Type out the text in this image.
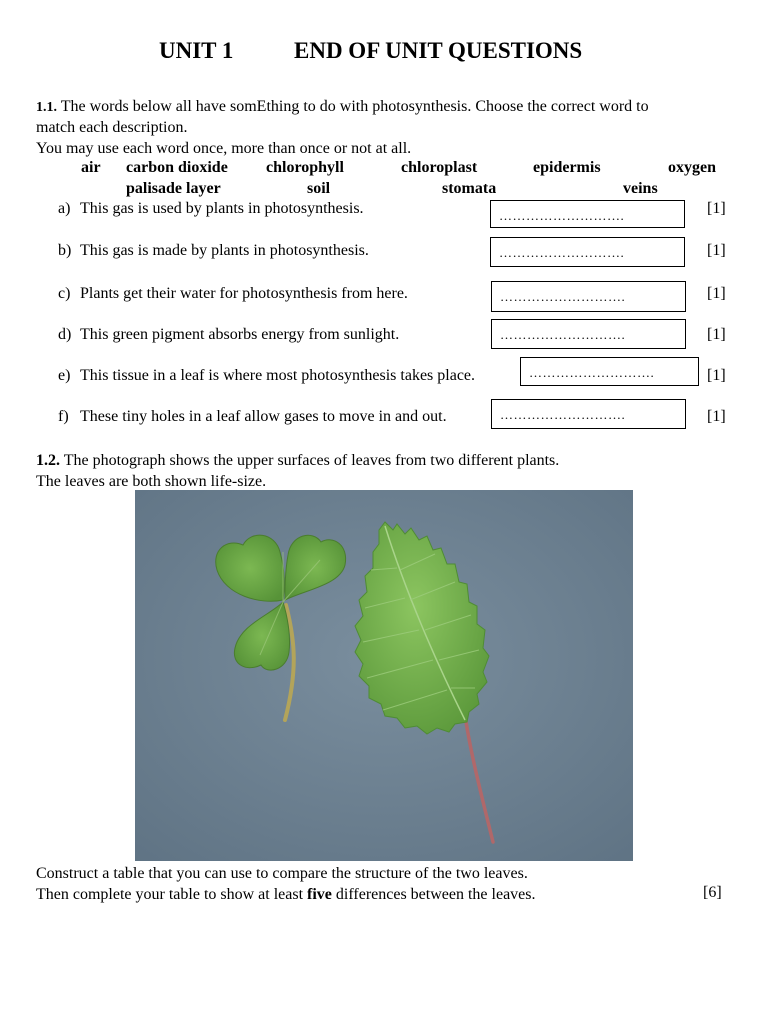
UNIT 1	END OF UNIT QUESTIONS
1.1. The words below all have somEthing to do with photosynthesis. Choose the correct word to
match each description.
You may use each word once, more than once or not at all.
air carbon dioxide chlorophyll	chloroplast	epidermis	oxygen
palisade layer	soil	stomata	veins
a) This gas is used by plants in photosynthesis.	……………………….	[1]
b) This gas is made by plants in photosynthesis.	……………………….	[1]
c) Plants get their water for photosynthesis from here.	……………………….	[1]
d) This green pigment absorbs energy from sunlight.	……………………….	[1]
e) This tissue in a leaf is where most photosynthesis takes place.	……………………….	[1]
f) These tiny holes in a leaf allow gases to move in and out.	……………………….	[1]
1.2. The photograph shows the upper surfaces of leaves from two different plants.
The leaves are both shown life-size.
Construct a table that you can use to compare the structure of the two leaves.
Then complete your table to show at least five differences between the leaves.	[6]
